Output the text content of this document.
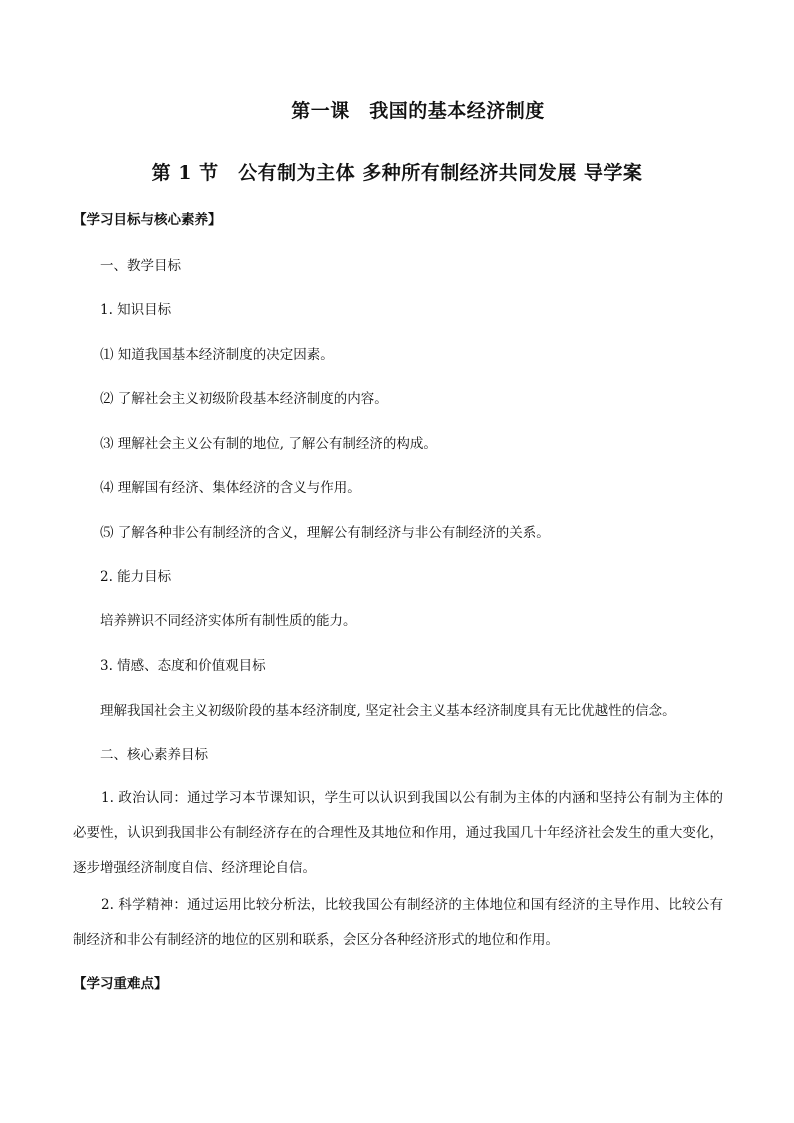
第一课　我国的基本经济制度
第 1 节　公有制为主体 多种所有制经济共同发展 导学案
【学习目标与核心素养】
一、教学目标
1. 知识目标
⑴ 知道我国基本经济制度的决定因素。
⑵ 了解社会主义初级阶段基本经济制度的内容。
⑶ 理解社会主义公有制的地位, 了解公有制经济的构成。
⑷ 理解国有经济、集体经济的含义与作用。
⑸ 了解各种非公有制经济的含义，理解公有制经济与非公有制经济的关系。
2. 能力目标
培养辨识不同经济实体所有制性质的能力。
3. 情感、态度和价值观目标
理解我国社会主义初级阶段的基本经济制度, 坚定社会主义基本经济制度具有无比优越性的信念。
二、核心素养目标
1. 政治认同：通过学习本节课知识，学生可以认识到我国以公有制为主体的内涵和坚持公有制为主体的必要性，认识到我国非公有制经济存在的合理性及其地位和作用，通过我国几十年经济社会发生的重大变化，逐步增强经济制度自信、经济理论自信。
2. 科学精神：通过运用比较分析法，比较我国公有制经济的主体地位和国有经济的主导作用、比较公有制经济和非公有制经济的地位的区别和联系，会区分各种经济形式的地位和作用。
【学习重难点】
